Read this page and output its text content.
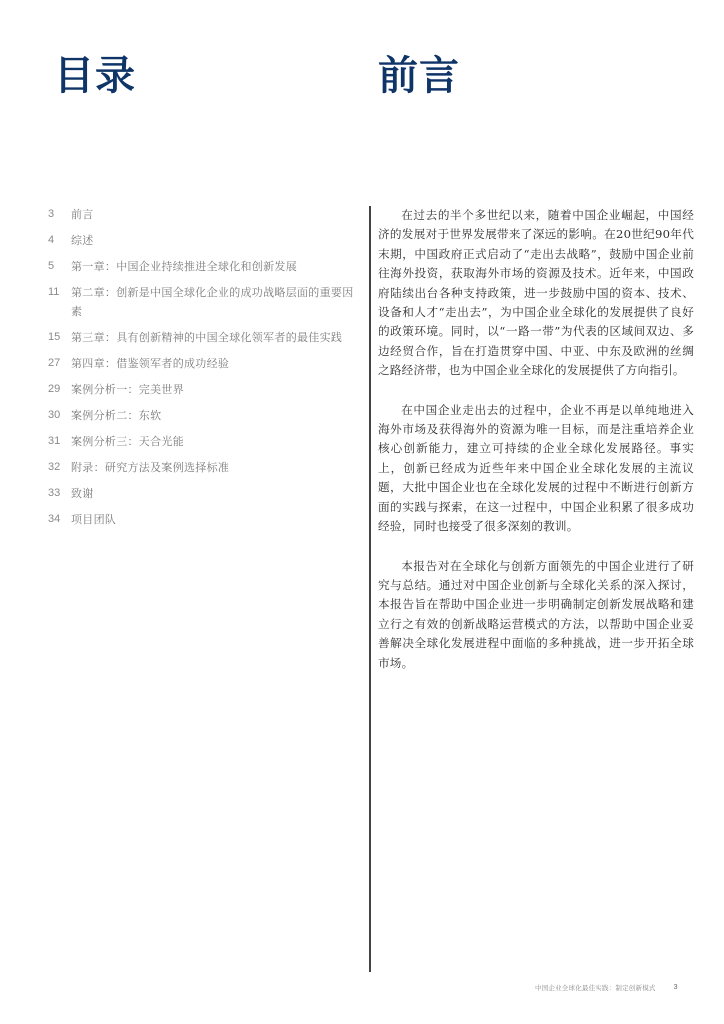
目录	前言
3	前言
4	综述
5	第一章：中国企业持续推进全球化和创新发展
11	第二章：创新是中国全球化企业的成功战略层面的重要因素
15 第三章：具有创新精神的中国全球化领军者的最佳实践
27 第四章：借鉴领军者的成功经验
29 案例分析一：完美世界
30 案例分析二：东软
31 案例分析三：天合光能
32 附录：研究方法及案例选择标准
33 致谢
34 项目团队

在过去的半个多世纪以来，随着中国企业崛起，中国经济的发展对于世界发展带来了深远的影响。在20世纪90年代末期，中国政府正式启动了“走出去战略”，鼓励中国企业前往海外投资，获取海外市场的资源及技术。近年来，中国政府陆续出台各种支持政策，进一步鼓励中国的资本、技术、设备和人才“走出去”，为中国企业全球化的发展提供了良好的政策环境。同时，以“一路一带”为代表的区域间双边、多边经贸合作，旨在打造贯穿中国、中亚、中东及欧洲的丝绸之路经济带，也为中国企业全球化的发展提供了方向指引。

在中国企业走出去的过程中，企业不再是以单纯地进入海外市场及获得海外的资源为唯一目标，而是注重培养企业核心创新能力，建立可持续的企业全球化发展路径。事实上，创新已经成为近些年来中国企业全球化发展的主流议题，大批中国企业也在全球化发展的过程中不断进行创新方面的实践与探索，在这一过程中，中国企业积累了很多成功经验，同时也接受了很多深刻的教训。

本报告对在全球化与创新方面领先的中国企业进行了研究与总结。通过对中国企业创新与全球化关系的深入探讨，本报告旨在帮助中国企业进一步明确制定创新发展战略和建立行之有效的创新战略运营模式的方法，以帮助中国企业妥善解决全球化发展进程中面临的多种挑战，进一步开拓全球市场。

中国企业全球化最佳实践：制定创新模式	3
